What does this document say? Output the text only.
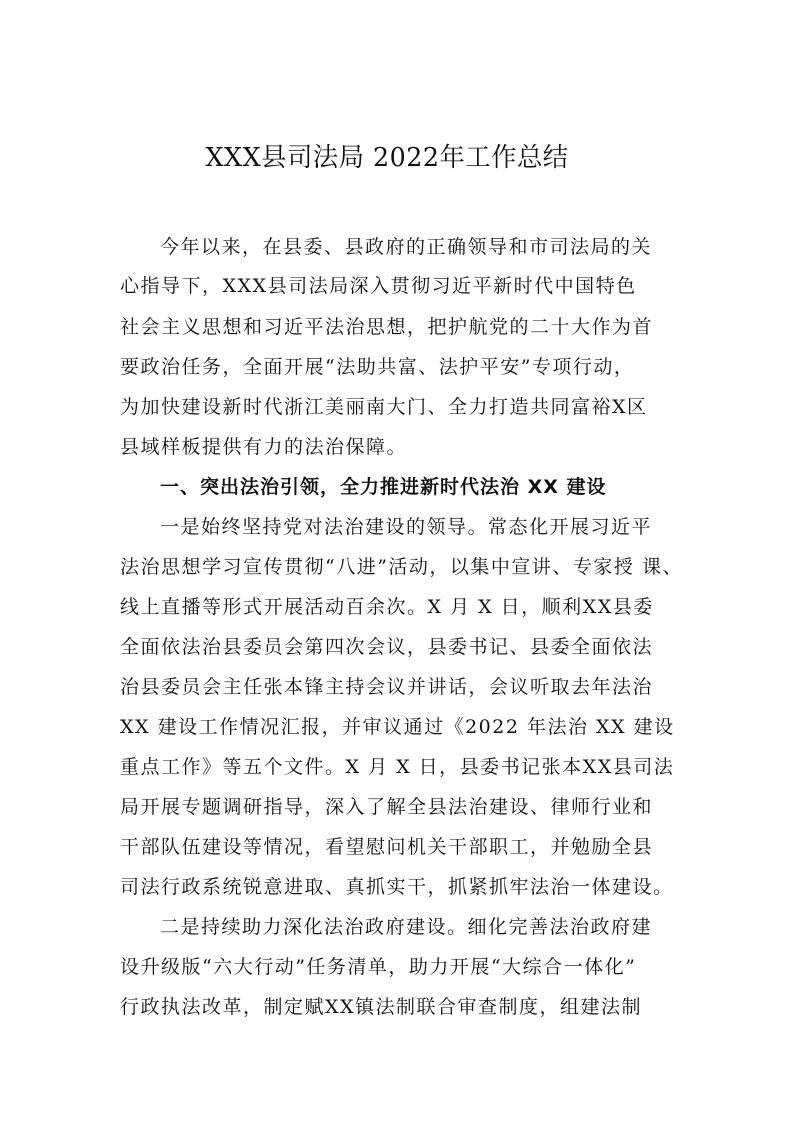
XXX县司法局 2022年工作总结

今年以来，在县委、县政府的正确领导和市司法局的关

心指导下，XXX县司法局深入贯彻习近平新时代中国特色

社会主义思想和习近平法治思想，把护航党的二十大作为首

要政治任务，全面开展“法助共富、法护平安”专项行动，

为加快建设新时代浙江美丽南大门、全力打造共同富裕X区

县域样板提供有力的法治保障。

一、突出法治引领，全力推进新时代法治 XX 建设

一是始终坚持党对法治建设的领导。常态化开展习近平

法治思想学习宣传贯彻“八进”活动，以集中宣讲、专家授 课、

线上直播等形式开展活动百余次。X 月 X 日，顺利XX县委

全面依法治县委员会第四次会议，县委书记、县委全面依法

治县委员会主任张本锋主持会议并讲话，会议听取去年法治

XX 建设工作情况汇报，并审议通过《2022 年法治 XX 建设

重点工作》等五个文件。X 月 X 日，县委书记张本XX县司法

局开展专题调研指导，深入了解全县法治建设、律师行业和

干部队伍建设等情况，看望慰问机关干部职工，并勉励全县

司法行政系统锐意进取、真抓实干，抓紧抓牢法治一体建设。

二是持续助力深化法治政府建设。细化完善法治政府建

设升级版“六大行动”任务清单，助力开展“大综合一体化”

行政执法改革，制定赋XX镇法制联合审查制度，组建法制
